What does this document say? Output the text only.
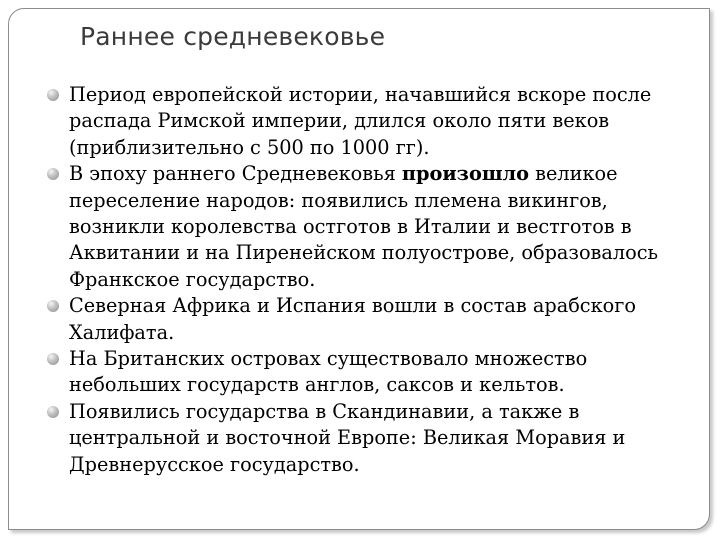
Раннее средневековье
Период европейской истории, начавшийся вскоре после распада Римской империи, длился около пяти веков (приблизительно с 500 по 1000 гг).
В эпоху раннего Средневековья произошло великое переселение народов: появились племена викингов, возникли королевства остготов в Италии и вестготов в Аквитании и на Пиренейском полуострове, образовалось Франкское государство.
Северная Африка и Испания вошли в состав арабского Халифата.
На Британских островах существовало множество небольших государств англов, саксов и кельтов.
Появились государства в Скандинавии, а также в центральной и восточной Европе: Великая Моравия и Древнерусское государство.
